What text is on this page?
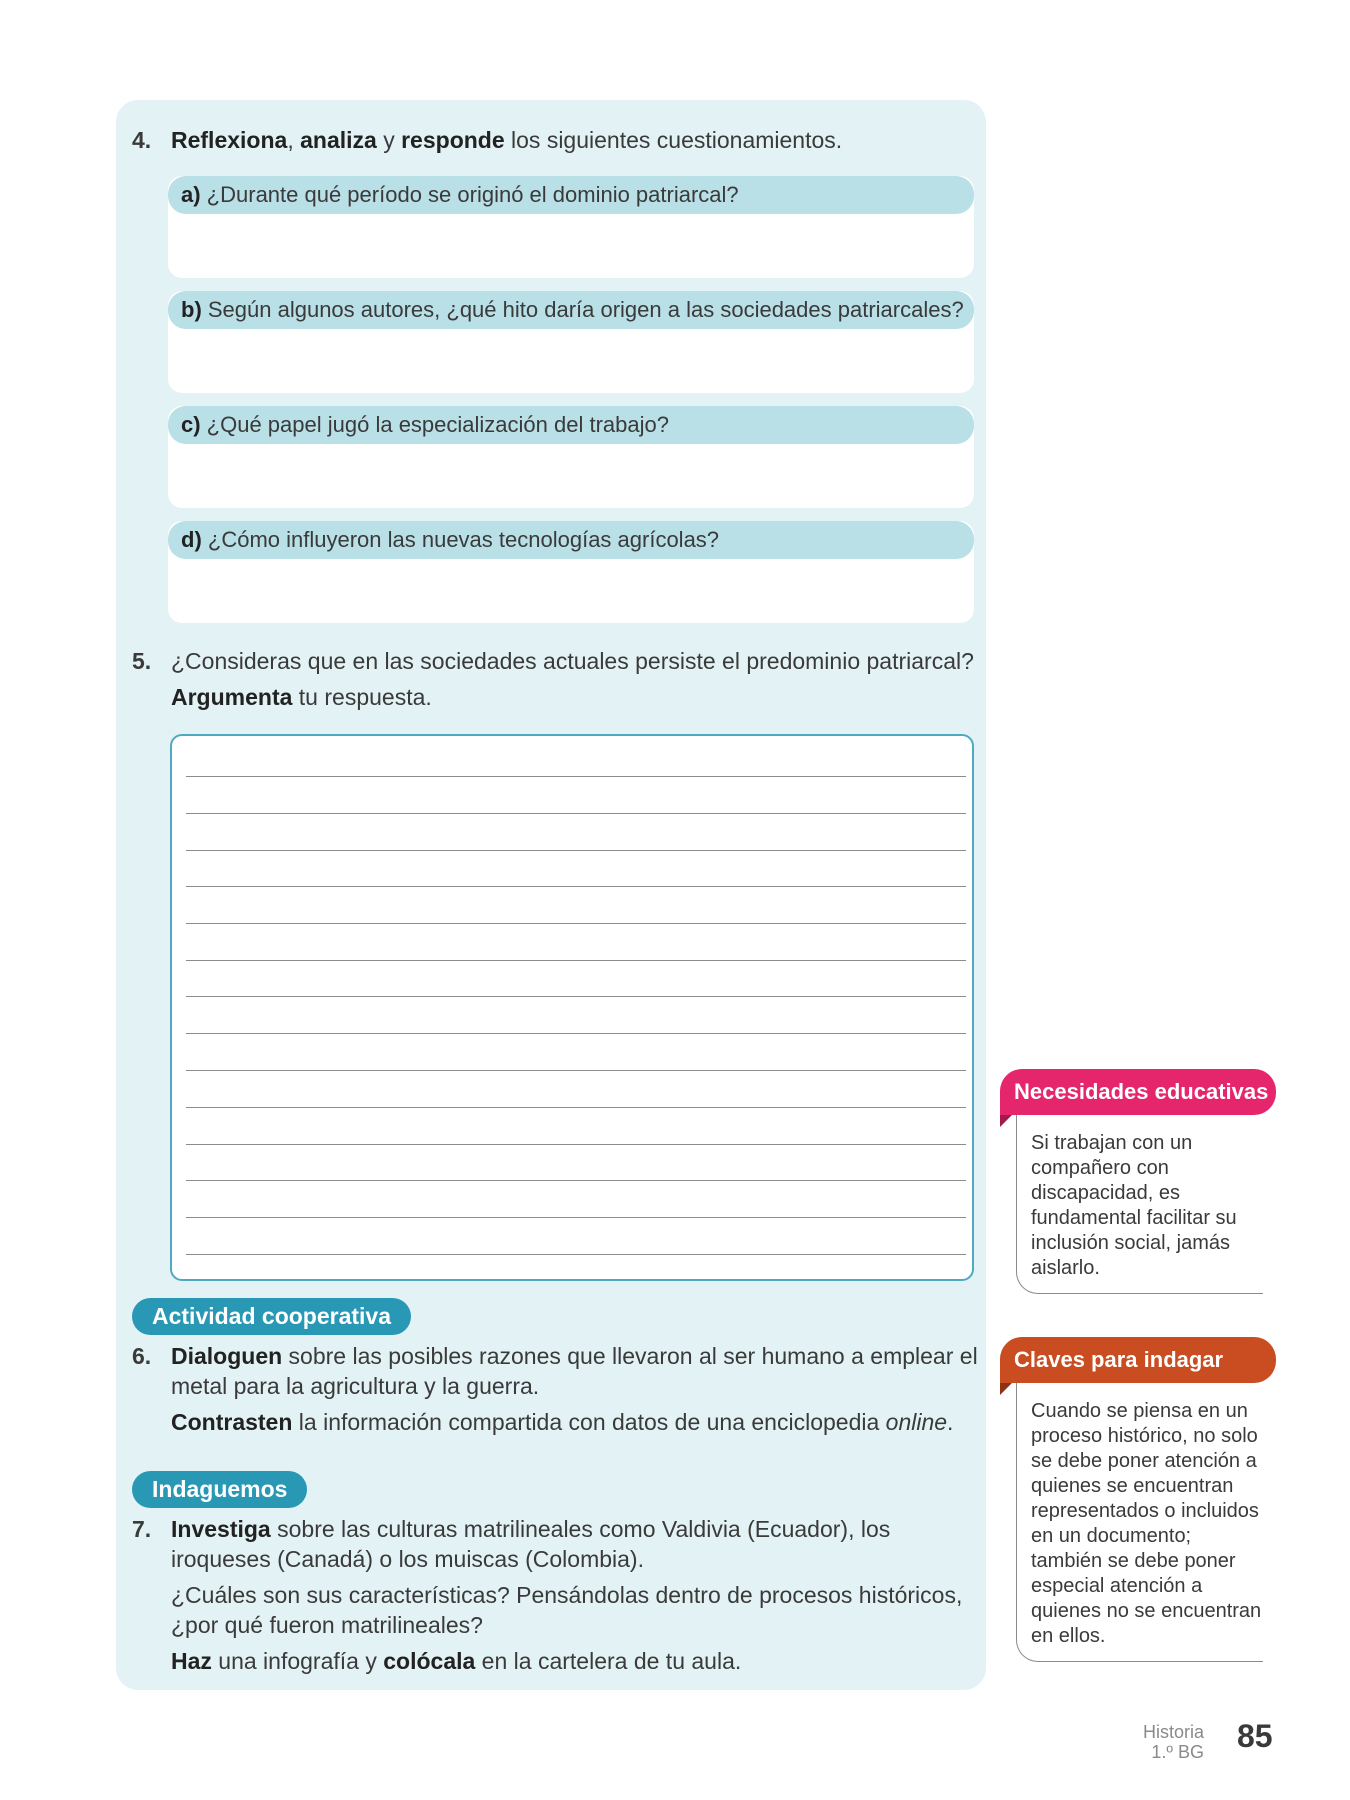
4. Reflexiona, analiza y responde los siguientes cuestionamientos.
a) ¿Durante qué período se originó el dominio patriarcal?
b) Según algunos autores, ¿qué hito daría origen a las sociedades patriarcales?
c) ¿Qué papel jugó la especialización del trabajo?
d) ¿Cómo influyeron las nuevas tecnologías agrícolas?
5. ¿Consideras que en las sociedades actuales persiste el predominio patriarcal?
Argumenta tu respuesta.
Actividad cooperativa
6. Dialoguen sobre las posibles razones que llevaron al ser humano a emplear el metal para la agricultura y la guerra.
Contrasten la información compartida con datos de una enciclopedia online.
Indaguemos
7. Investiga sobre las culturas matrilineales como Valdivia (Ecuador), los iroqueses (Canadá) o los muiscas (Colombia).
¿Cuáles son sus características? Pensándolas dentro de procesos históricos, ¿por qué fueron matrilineales?
Haz una infografía y colócala en la cartelera de tu aula.
Necesidades educativas
Si trabajan con un compañero con discapacidad, es fundamental facilitar su inclusión social, jamás aislarlo.
Claves para indagar
Cuando se piensa en un proceso histórico, no solo se debe poner atención a quienes se encuentran representados o incluidos en un documento; también se debe poner especial atención a quienes no se encuentran en ellos.
Historia
1.º BG 85
